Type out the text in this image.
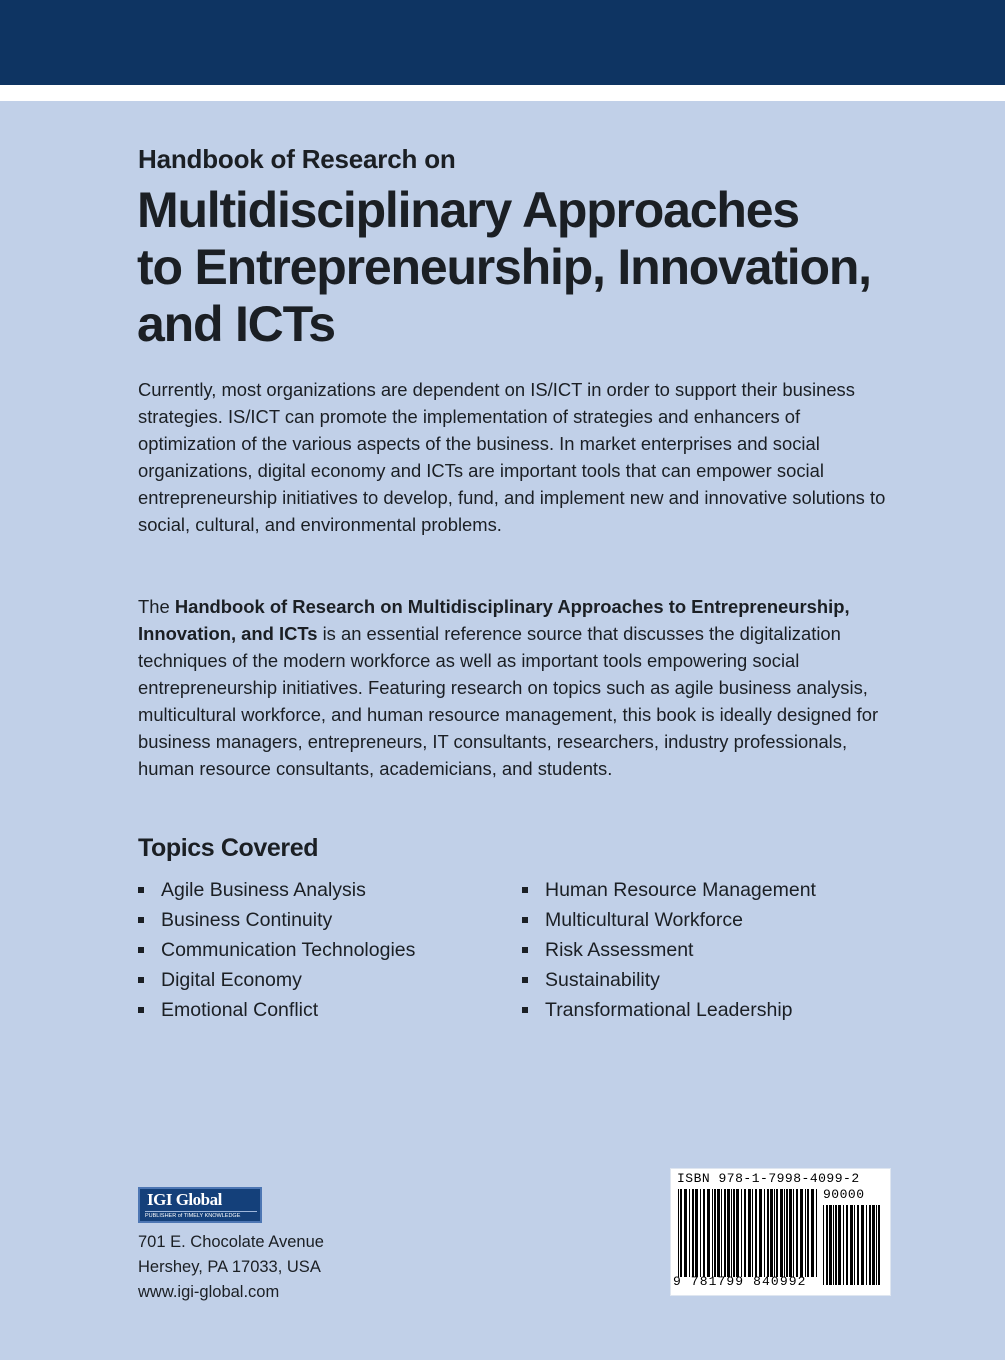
Handbook of Research on
Multidisciplinary Approaches
to Entrepreneurship, Innovation,
and ICTs
Currently, most organizations are dependent on IS/ICT in order to support their business strategies. IS/ICT can promote the implementation of strategies and enhancers of optimization of the various aspects of the business. In market enterprises and social organizations, digital economy and ICTs are important tools that can empower social entrepreneurship initiatives to develop, fund, and implement new and innovative solutions to social, cultural, and environmental problems.
The Handbook of Research on Multidisciplinary Approaches to Entrepreneurship, Innovation, and ICTs is an essential reference source that discusses the digitalization techniques of the modern workforce as well as important tools empowering social entrepreneurship initiatives. Featuring research on topics such as agile business analysis, multicultural workforce, and human resource management, this book is ideally designed for business managers, entrepreneurs, IT consultants, researchers, industry professionals, human resource consultants, academicians, and students.
Topics Covered
Agile Business Analysis
Business Continuity
Communication Technologies
Digital Economy
Emotional Conflict
Human Resource Management
Multicultural Workforce
Risk Assessment
Sustainability
Transformational Leadership
IGI Global
PUBLISHER of TIMELY KNOWLEDGE
701 E. Chocolate Avenue
Hershey, PA 17033, USA
www.igi-global.com
ISBN 978-1-7998-4099-2
90000
9 781799 840992
